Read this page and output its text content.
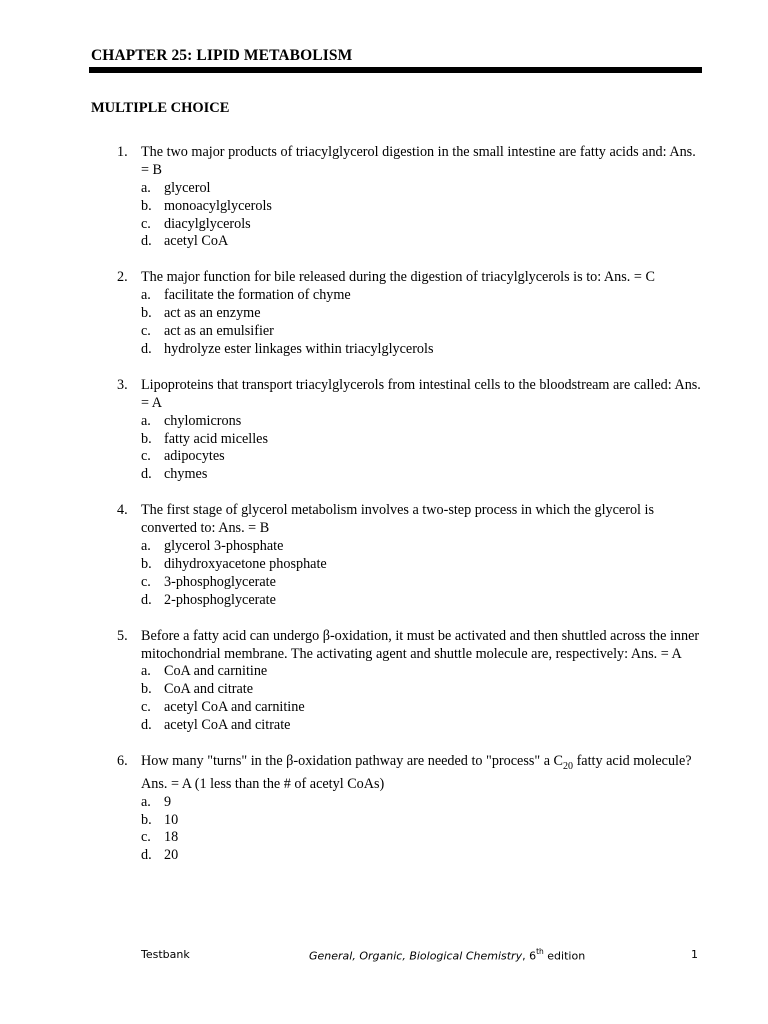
CHAPTER 25: LIPID METABOLISM
MULTIPLE CHOICE
1. The two major products of triacylglycerol digestion in the small intestine are fatty acids and: Ans. = B
a. glycerol
b. monoacylglycerols
c. diacylglycerols
d. acetyl CoA
2. The major function for bile released during the digestion of triacylglycerols is to: Ans. = C
a. facilitate the formation of chyme
b. act as an enzyme
c. act as an emulsifier
d. hydrolyze ester linkages within triacylglycerols
3. Lipoproteins that transport triacylglycerols from intestinal cells to the bloodstream are called: Ans. = A
a. chylomicrons
b. fatty acid micelles
c. adipocytes
d. chymes
4. The first stage of glycerol metabolism involves a two-step process in which the glycerol is converted to: Ans. = B
a. glycerol 3-phosphate
b. dihydroxyacetone phosphate
c. 3-phosphoglycerate
d. 2-phosphoglycerate
5. Before a fatty acid can undergo β-oxidation, it must be activated and then shuttled across the inner mitochondrial membrane. The activating agent and shuttle molecule are, respectively: Ans. = A
a. CoA and carnitine
b. CoA and citrate
c. acetyl CoA and carnitine
d. acetyl CoA and citrate
6. How many "turns" in the β-oxidation pathway are needed to "process" a $C_{20}$ fatty acid molecule? Ans. = A (1 less than the # of acetyl CoAs)
a. 9
b. 10
c. 18
d. 20
Testbank	General, Organic, Biological Chemistry, 6th edition	1
